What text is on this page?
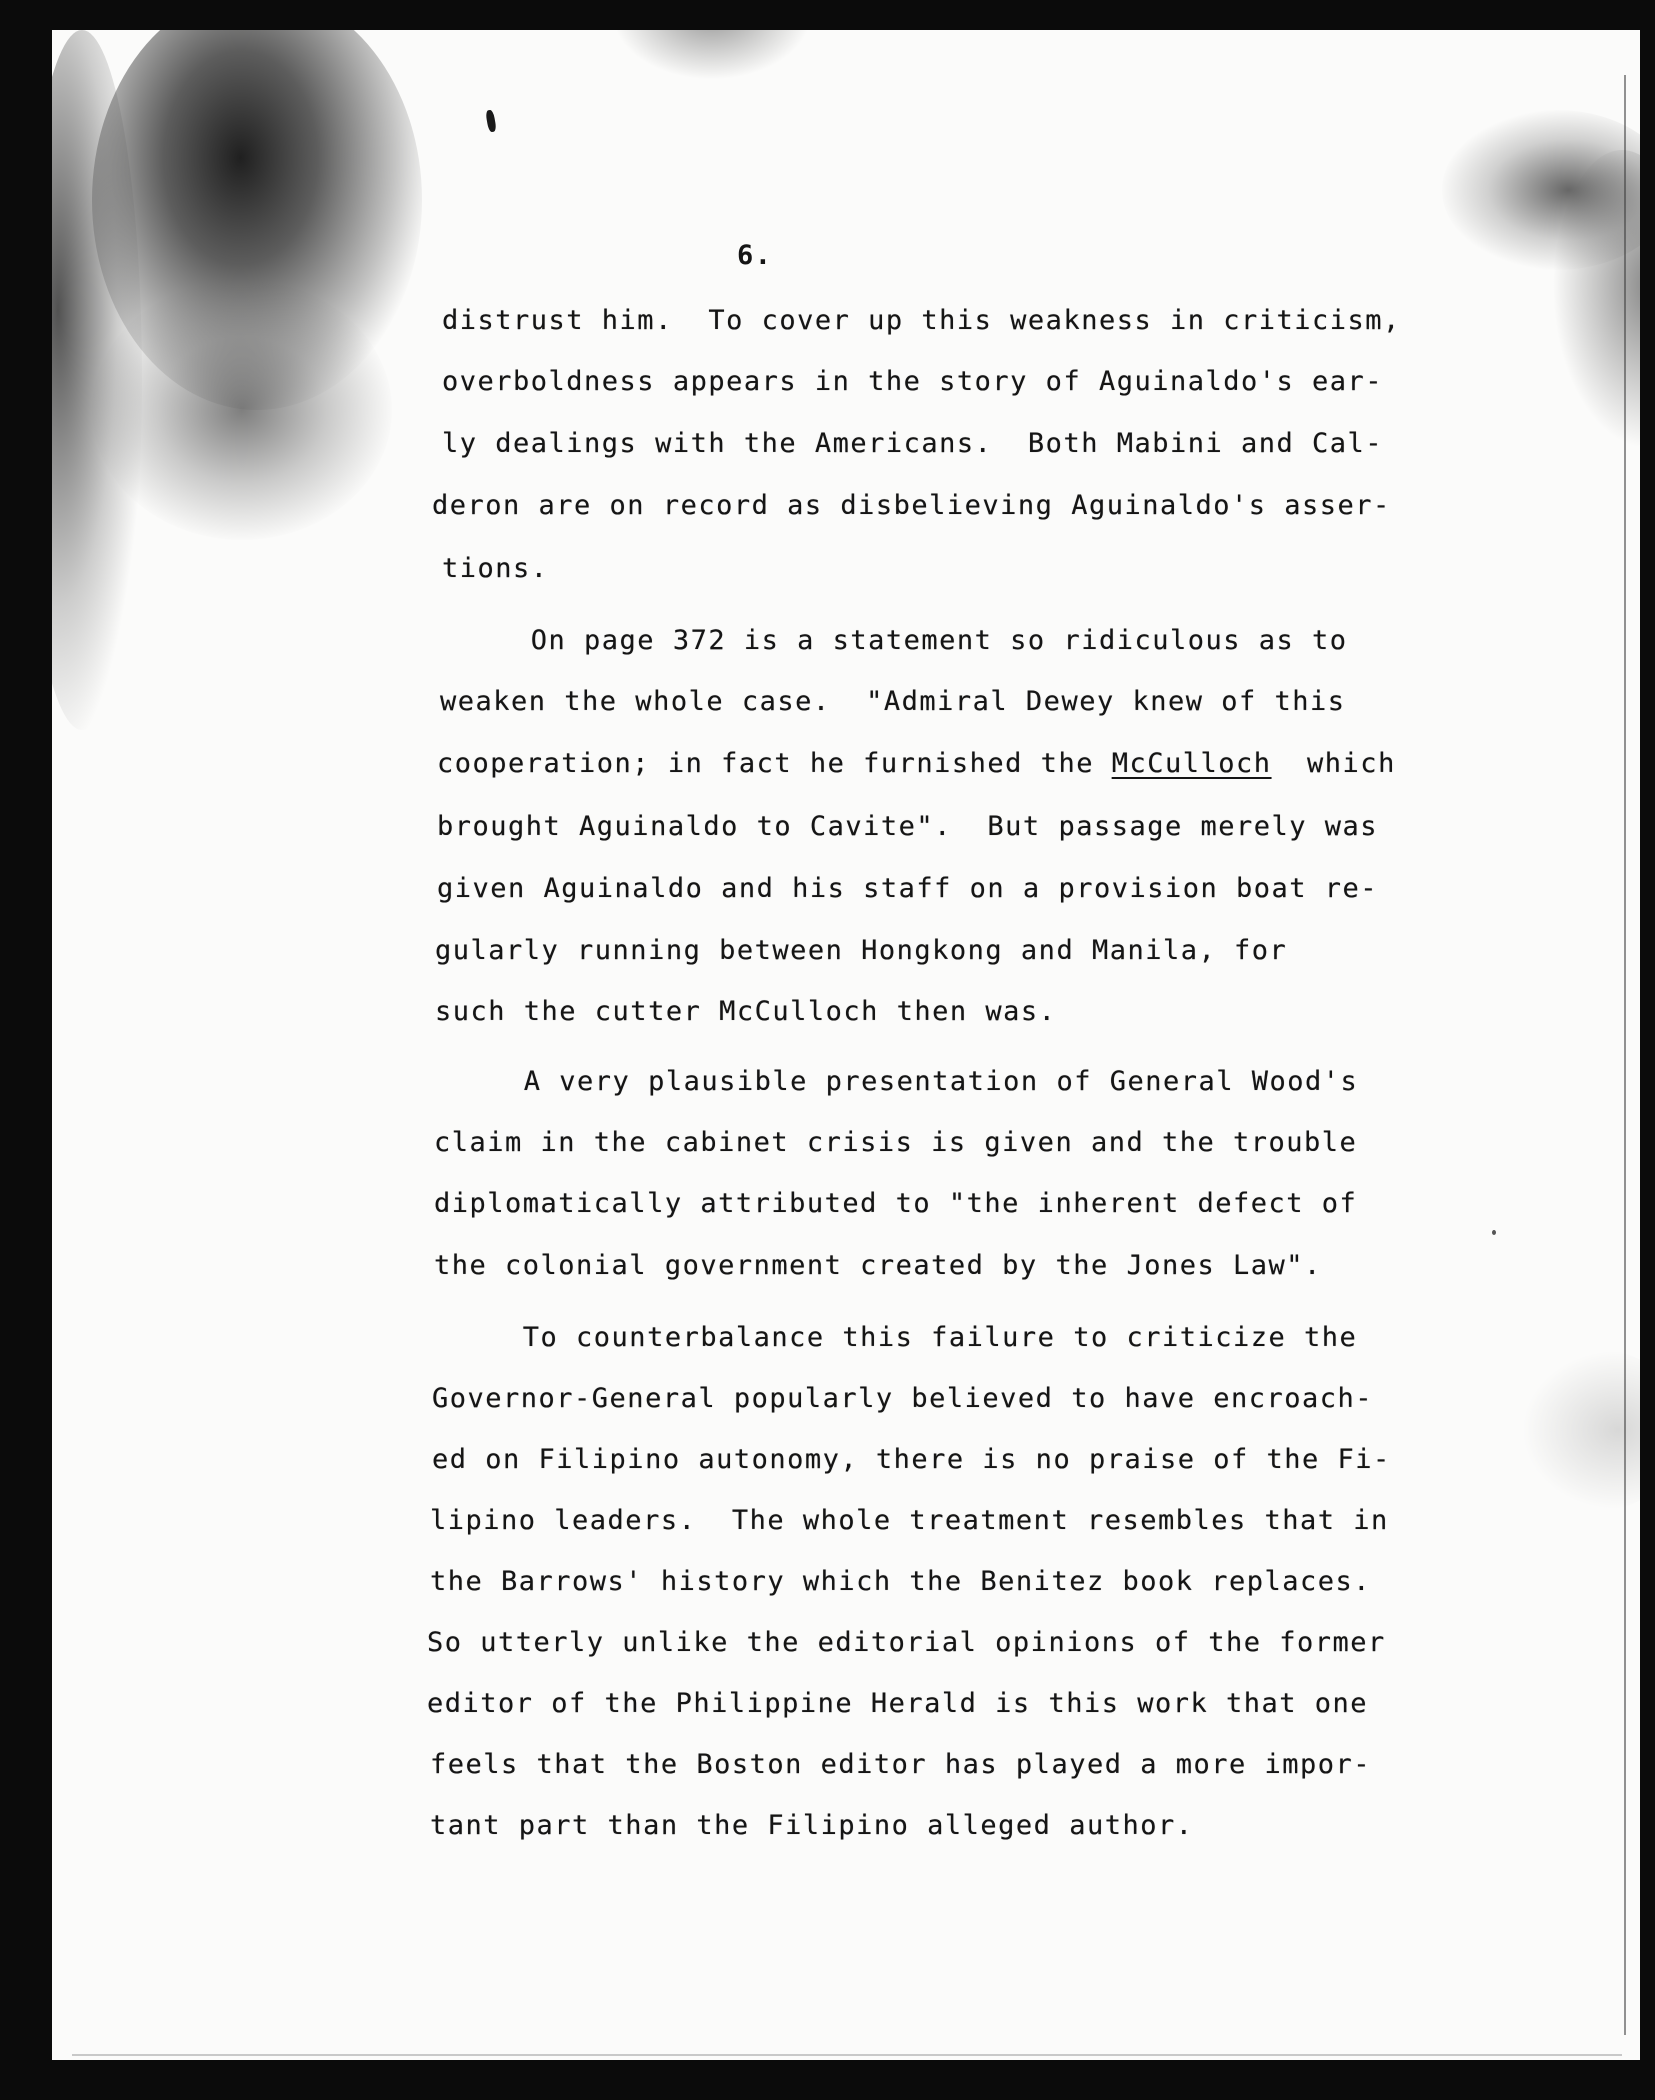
6.

distrust him.  To cover up this weakness in criticism,

overboldness appears in the story of Aguinaldo's ear-

ly dealings with the Americans.  Both Mabini and Cal-

deron are on record as disbelieving Aguinaldo's asser-

tions.

On page 372 is a statement so ridiculous as to

weaken the whole case.  "Admiral Dewey knew of this

cooperation; in fact he furnished the McCulloch  which

brought Aguinaldo to Cavite".  But passage merely was

given Aguinaldo and his staff on a provision boat re-

gularly running between Hongkong and Manila, for

such the cutter McCulloch then was.

A very plausible presentation of General Wood's

claim in the cabinet crisis is given and the trouble

diplomatically attributed to "the inherent defect of

the colonial government created by the Jones Law".

To counterbalance this failure to criticize the

Governor-General popularly believed to have encroach-

ed on Filipino autonomy, there is no praise of the Fi-

lipino leaders.  The whole treatment resembles that in

the Barrows' history which the Benitez book replaces.

So utterly unlike the editorial opinions of the former

editor of the Philippine Herald is this work that one

feels that the Boston editor has played a more impor-

tant part than the Filipino alleged author.
